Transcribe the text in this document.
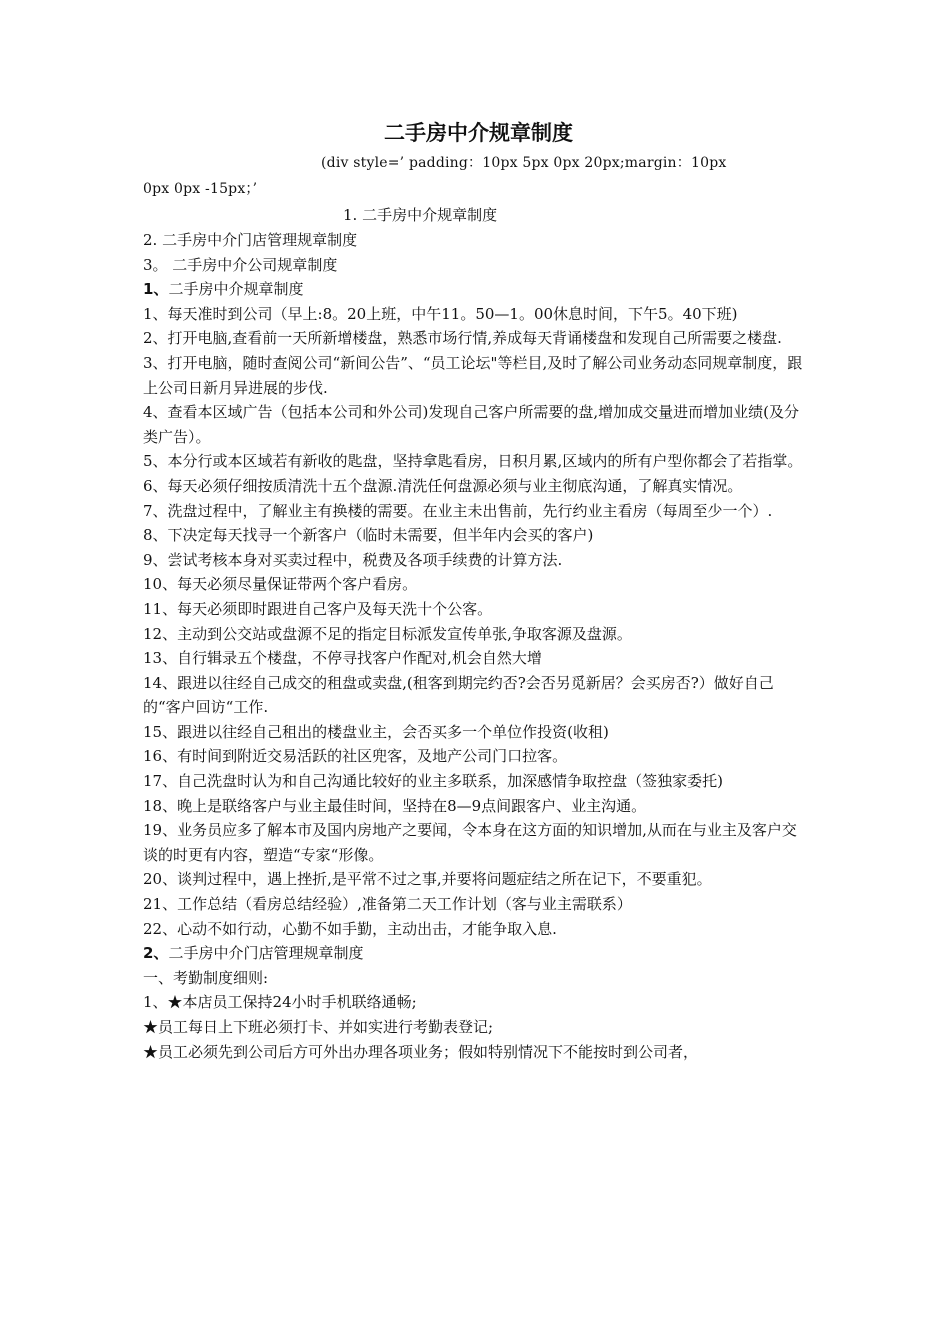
二手房中介规章制度
(div style=’ padding：10px 5px 0px 20px;margin：10px
0px 0px -15px；’
1. 二手房中介规章制度
2. 二手房中介门店管理规章制度
3。 二手房中介公司规章制度
1、二手房中介规章制度
1、每天准时到公司（早上:8。20上班，中午11。50—1。00休息时间，下午5。40下班)
2、打开电脑,查看前一天所新增楼盘，熟悉市场行情,养成每天背诵楼盘和发现自己所需要之楼盘.
3、打开电脑，随时查阅公司“新间公告”、“员工论坛"等栏目,及时了解公司业务动态同规章制度，跟上公司日新月异进展的步伐.
4、查看本区域广告（包括本公司和外公司)发现自己客户所需要的盘,增加成交量进而增加业绩(及分类广告）。
5、本分行或本区域若有新收的匙盘，坚持拿匙看房，日积月累,区域内的所有户型你都会了若指掌。
6、每天必须仔细按质清洗十五个盘源.清洗任何盘源必须与业主彻底沟通，了解真实情况。
7、洗盘过程中，了解业主有换楼的需要。在业主未出售前，先行约业主看房（每周至少一个）.
8、下决定每天找寻一个新客户（临时未需要，但半年内会买的客户)
9、尝试考核本身对买卖过程中，税费及各项手续费的计算方法.
10、每天必须尽量保证带两个客户看房。
11、每天必须即时跟进自己客户及每天洗十个公客。
12、主动到公交站或盘源不足的指定目标派发宣传单张,争取客源及盘源。
13、自行辑录五个楼盘，不停寻找客户作配对,机会自然大增
14、跟进以往经自己成交的租盘或卖盘,(租客到期完约否?会否另觅新居？会买房否?）做好自己的“客户回访“工作.
15、跟进以往经自己租出的楼盘业主，会否买多一个单位作投资(收租)
16、有时间到附近交易活跃的社区兜客，及地产公司门口拉客。
17、自己洗盘时认为和自己沟通比较好的业主多联系，加深感情争取控盘（签独家委托)
18、晚上是联络客户与业主最佳时间，坚持在8—9点间跟客户、业主沟通。
19、业务员应多了解本市及国内房地产之要闻，令本身在这方面的知识增加,从而在与业主及客户交谈的时更有内容，塑造“专家“形像。
20、谈判过程中，遇上挫折,是平常不过之事,并要将问题症结之所在记下，不要重犯。
21、工作总结（看房总结经验）,准备第二天工作计划（客与业主需联系）
22、心动不如行动，心勤不如手勤，主动出击，才能争取入息.
2、二手房中介门店管理规章制度
一、考勤制度细则:
1、★本店员工保持24小时手机联络通畅;
★员工每日上下班必须打卡、并如实进行考勤表登记;
★员工必须先到公司后方可外出办理各项业务；假如特别情况下不能按时到公司者，
